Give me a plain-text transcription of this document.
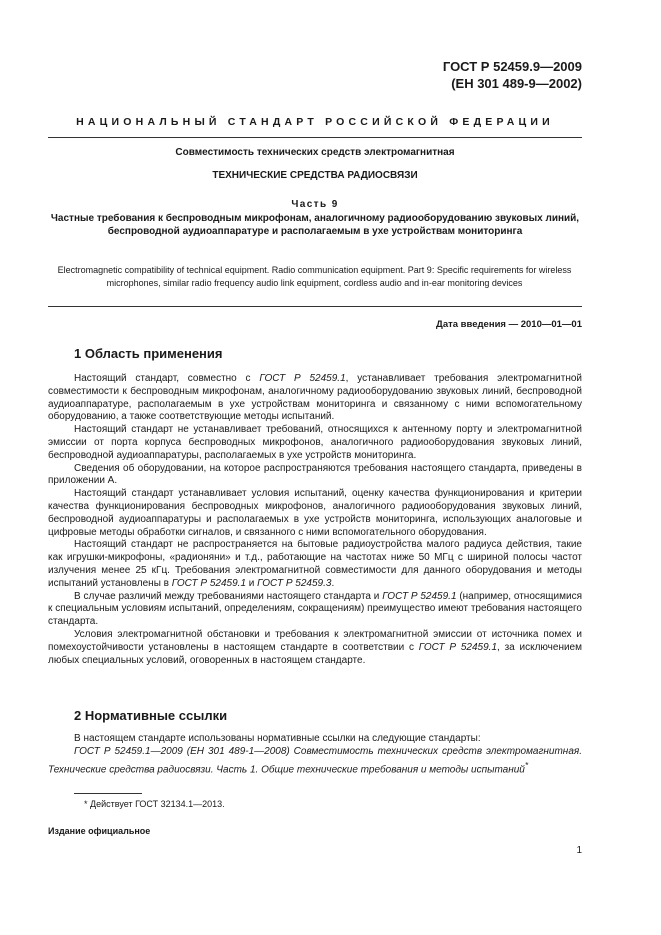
ГОСТ Р 52459.9—2009
(ЕН 301 489-9—2002)
НАЦИОНАЛЬНЫЙ СТАНДАРТ РОССИЙСКОЙ ФЕДЕРАЦИИ
Совместимость технических средств электромагнитная
ТЕХНИЧЕСКИЕ СРЕДСТВА РАДИОСВЯЗИ
Часть 9
Частные требования к беспроводным микрофонам, аналогичному радиооборудованию звуковых линий, беспроводной аудиоаппаратуре и располагаемым в ухе устройствам мониторинга
Electromagnetic compatibility of technical equipment. Radio communication equipment. Part 9: Specific requirements for wireless microphones, similar radio frequency audio link equipment, cordless audio and in-ear monitoring devices
Дата введения — 2010—01—01
1 Область применения

Настоящий стандарт, совместно с ГОСТ Р 52459.1, устанавливает требования электромагнитной совместимости к беспроводным микрофонам, аналогичному радиооборудованию звуковых линий, беспроводной аудиоаппаратуре, располагаемым в ухе устройствам мониторинга и связанному с ними вспомогательному оборудованию, а также соответствующие методы испытаний.

Настоящий стандарт не устанавливает требований, относящихся к антенному порту и электромагнитной эмиссии от порта корпуса беспроводных микрофонов, аналогичного радиооборудования звуковых линий, беспроводной аудиоаппаратуры, располагаемых в ухе устройств мониторинга.

Сведения об оборудовании, на которое распространяются требования настоящего стандарта, приведены в приложении А.

Настоящий стандарт устанавливает условия испытаний, оценку качества функционирования и критерии качества функционирования беспроводных микрофонов, аналогичного радиооборудования звуковых линий, беспроводной аудиоаппаратуры и располагаемых в ухе устройств мониторинга, использующих аналоговые и цифровые методы обработки сигналов, и связанного с ними вспомогательного оборудования.

Настоящий стандарт не распространяется на бытовые радиоустройства малого радиуса действия, такие как игрушки-микрофоны, «радионяни» и т.д., работающие на частотах ниже 50 МГц с шириной полосы частот излучения менее 25 кГц. Требования электромагнитной совместимости для данного оборудования и методы испытаний установлены в ГОСТ Р 52459.1 и ГОСТ Р 52459.3.

В случае различий между требованиями настоящего стандарта и ГОСТ Р 52459.1 (например, относящимися к специальным условиям испытаний, определениям, сокращениям) преимущество имеют требования настоящего стандарта.

Условия электромагнитной обстановки и требования к электромагнитной эмиссии от источника помех и помехоустойчивости установлены в настоящем стандарте в соответствии с ГОСТ Р 52459.1, за исключением любых специальных условий, оговоренных в настоящем стандарте.

2 Нормативные ссылки

В настоящем стандарте использованы нормативные ссылки на следующие стандарты:

ГОСТ Р 52459.1—2009 (ЕН 301 489-1—2008) Совместимость технических средств электромагнитная. Технические средства радиосвязи. Часть 1. Общие технические требования и методы испытаний*

* Действует ГОСТ 32134.1—2013.
Издание официальное
1
